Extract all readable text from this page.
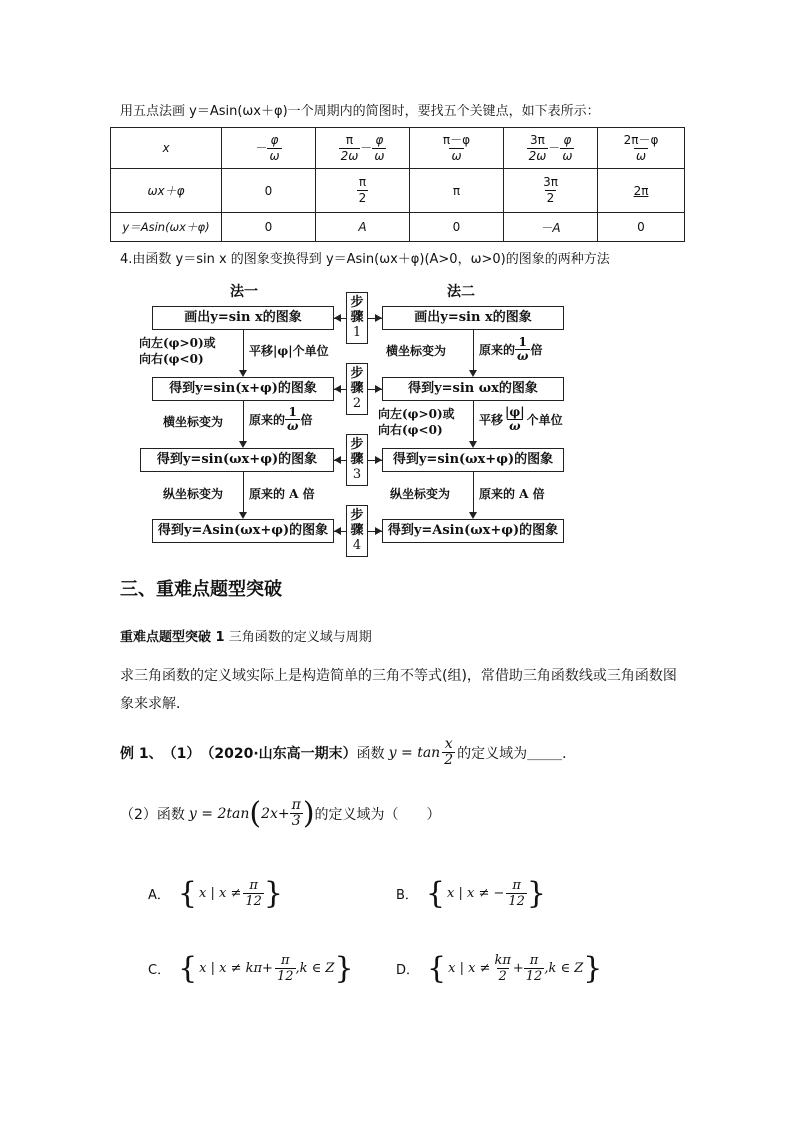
用五点法画 y＝Asin(ωx＋φ)一个周期内的简图时，要找五个关键点，如下表所示：
x	－ $\frac{\varphi}{\omega}$	$\frac{\pi}{2\omega} - \frac{\varphi}{\omega}$	$\frac{\pi-\varphi}{\omega}$	$\frac{3\pi}{2\omega} - \frac{\varphi}{\omega}$	$\frac{2\pi-\varphi}{\omega}$

ωx＋φ	0	$\frac{\pi}{2}$	π	$\frac{3\pi}{2}$	2π
y＝Asin(ωx＋φ)	0	A	0	－A	0
4.由函数 y＝sin x 的图象变换得到 y＝Asin(ωx＋φ)(A>0，ω>0)的图象的两种方法
法一	法二
画出y=sin x的图象	画出y=sin x的图象
步
骤
1
向左(φ>0)或
向右(φ<0)
平移|φ|个单位	横坐标变为	原来的 $\frac{1}{\omega}$ 倍
得到y=sin(x+φ)的图象	得到y=sin ωx的图象
步
骤
2
横坐标变为 原来的 $\frac{1}{\omega}$ 倍	向左(φ>0)或
向右(φ<0)
平移 $\frac{|\varphi|}{\omega}$ 个单位
得到y=sin(ωx+φ)的图象	得到y=sin(ωx+φ)的图象
步
骤
3
纵坐标变为 原来的 A 倍	纵坐标变为 原来的 A 倍
得到y=Asin(ωx+φ)的图象	得到y=Asin(ωx+φ)的图象
步
骤
4
三、重难点题型突破
重难点题型突破 1 三角函数的定义域与周期
求三角函数的定义域实际上是构造简单的三角不等式(组)，常借助三角函数线或三角函数图
象来求解．
例 1、 （1） （2020·山东高一期末） 函数 $y = \tan \frac{x}{2}$ 的定义域为 _____ ．
（2） 函数 y = 2tan ( $2x+ \frac{\pi}{3}$ ) 的定义域为（　　）
A． { x | $x \ne \frac{\pi}{12}$ }	B． { x | x ≠ − $\frac{\pi}{12}$ }
C． { x | $x \ne k\pi+ \frac{\pi}{12} ,k$ ∈ Z }	D． { x | $x \ne \frac{k\pi}{2} + \frac{\pi}{12} ,k$ ∈ Z }
